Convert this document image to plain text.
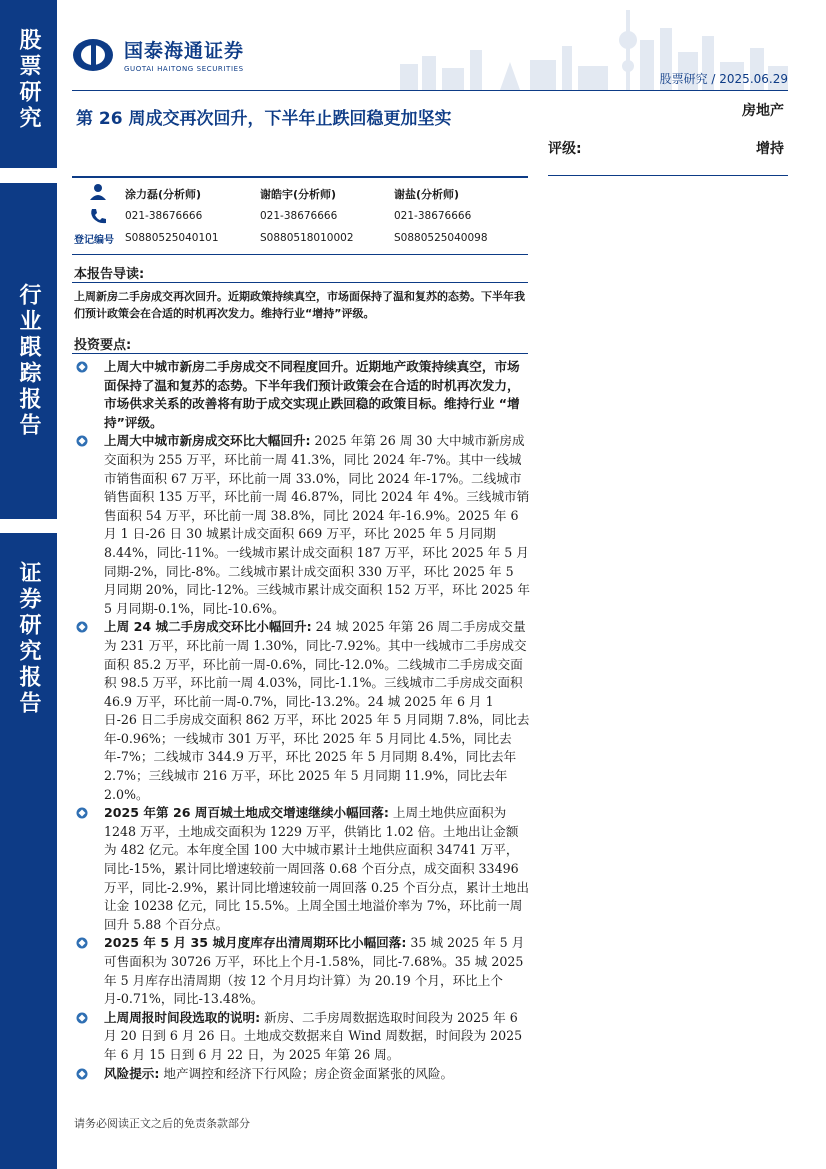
股票研究
行业跟踪报告
证券研究报告
国泰海通证券
GUOTAI HAITONG SECURITIES
股票研究 / 2025.06.29
第 26 周成交再次回升，下半年止跌回稳更加坚实	房地产
评级:	增持
涂力磊(分析师)	谢皓宇(分析师)	谢盐(分析师)
021-38676666	021-38676666	021-38676666
登记编号 S0880525040101	S0880518010002	S0880525040098
本报告导读:
上周新房二手房成交再次回升。近期政策持续真空，市场面保持了温和复苏的态势。下半年我们预计政策会在合适的时机再次发力。维持行业“增持”评级。
投资要点:

上周大中城市新房二手房成交不同程度回升。近期地产政策持续真空，市场面保持了温和复苏的态势。下半年我们预计政策会在合适的时机再次发力，市场供求关系的改善将有助于成交实现止跌回稳的政策目标。维持行业 “增持”评级。

上周大中城市新房成交环比大幅回升: 2025 年第 26 周 30 大中城市新房成交面积为 255 万平，环比前一周 41.3%，同比 2024 年-7%。其中一线城市销售面积 67 万平，环比前一周 33.0%，同比 2024 年-17%。二线城市销售面积 135 万平，环比前一周 46.87%，同比 2024 年 4%。三线城市销售面积 54 万平，环比前一周 38.8%，同比 2024 年-16.9%。2025 年 6 月 1 日-26 日 30 城累计成交面积 669 万平，环比 2025 年 5 月同期 8.44%，同比-11%。一线城市累计成交面积 187 万平，环比 2025 年 5 月同期-2%，同比-8%。二线城市累计成交面积 330 万平，环比 2025 年 5 月同期 20%，同比-12%。三线城市累计成交面积 152 万平，环比 2025 年 5 月同期-0.1%，同比-10.6%。

上周 24 城二手房成交环比小幅回升: 24 城 2025 年第 26 周二手房成交量为 231 万平，环比前一周 1.30%，同比-7.92%。其中一线城市二手房成交面积 85.2 万平，环比前一周-0.6%，同比-12.0%。二线城市二手房成交面积 98.5 万平，环比前一周 4.03%，同比-1.1%。三线城市二手房成交面积 46.9 万平，环比前一周-0.7%，同比-13.2%。24 城 2025 年 6 月 1 日-26 日二手房成交面积 862 万平，环比 2025 年 5 月同期 7.8%，同比去年-0.96%；一线城市 301 万平，环比 2025 年 5 月同比 4.5%，同比去年-7%；二线城市 344.9 万平，环比 2025 年 5 月同期 8.4%，同比去年 2.7%；三线城市 216 万平，环比 2025 年 5 月同期 11.9%，同比去年 2.0%。

2025 年第 26 周百城土地成交增速继续小幅回落: 上周土地供应面积为 1248 万平，土地成交面积为 1229 万平，供销比 1.02 倍。土地出让金额为 482 亿元。本年度全国 100 大中城市累计土地供应面积 34741 万平，同比-15%，累计同比增速较前一周回落 0.68 个百分点，成交面积 33496 万平，同比-2.9%，累计同比增速较前一周回落 0.25 个百分点，累计土地出让金 10238 亿元，同比 15.5%。上周全国土地溢价率为 7%，环比前一周回升 5.88 个百分点。

2025 年 5 月 35 城月度库存出清周期环比小幅回落: 35 城 2025 年 5 月可售面积为 30726 万平，环比上个月-1.58%，同比-7.68%。35 城 2025 年 5 月库存出清周期（按 12 个月月均计算）为 20.19 个月，环比上个月-0.71%，同比-13.48%。

上周周报时间段选取的说明: 新房、二手房周数据选取时间段为 2025 年 6 月 20 日到 6 月 26 日。土地成交数据来自 Wind 周数据，时间段为 2025 年 6 月 15 日到 6 月 22 日，为 2025 年第 26 周。

风险提示: 地产调控和经济下行风险；房企资金面紧张的风险。

请务必阅读正文之后的免责条款部分
